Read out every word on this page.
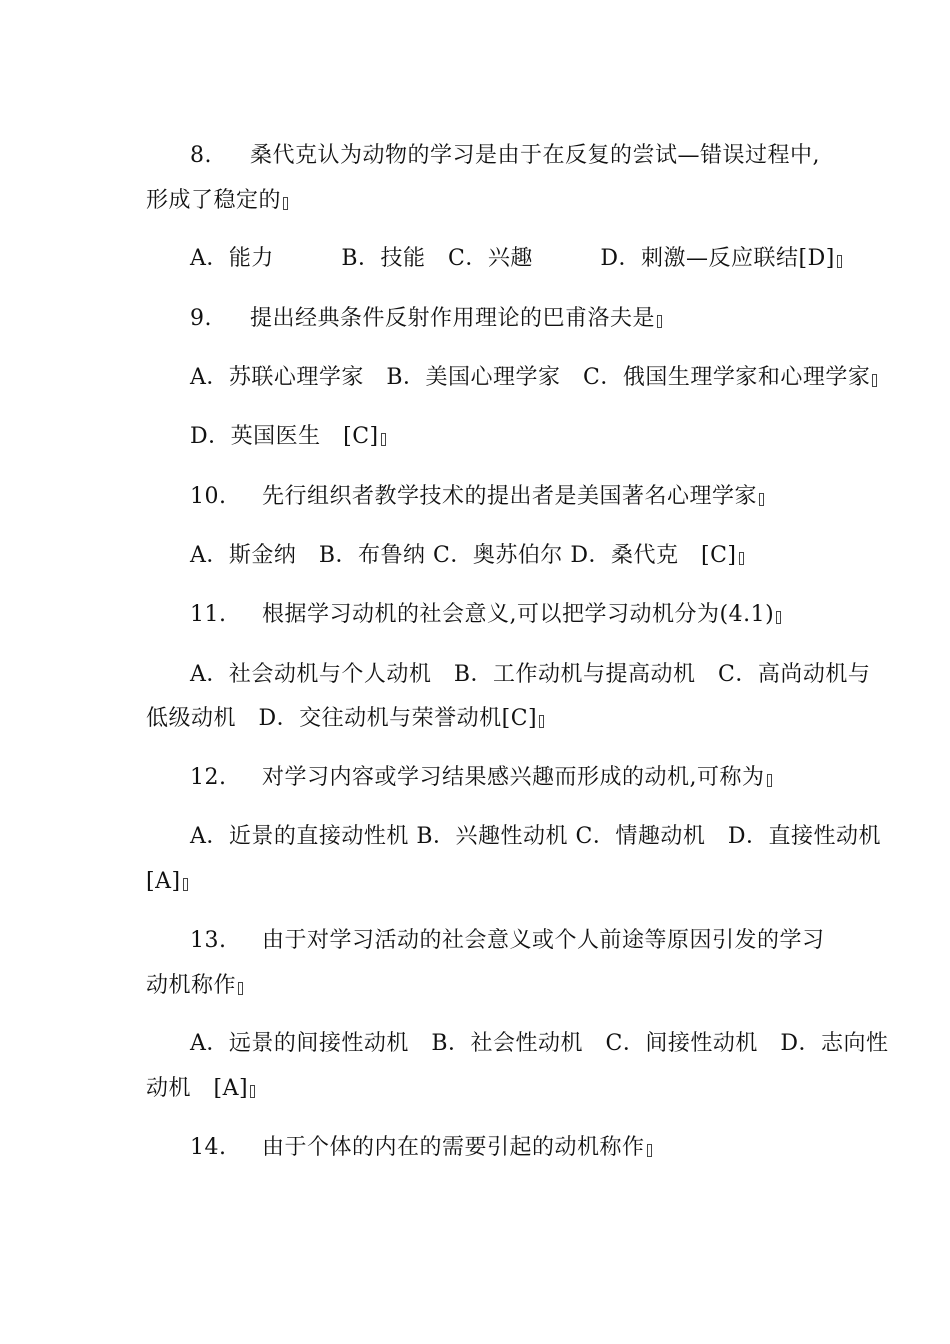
8. 桑代克认为动物的学习是由于在反复的尝试—错误过程中,

形成了稳定的

A．能力　　　B．技能　C．兴趣　　　D．刺激—反应联结[D]

9. 提出经典条件反射作用理论的巴甫洛夫是

A．苏联心理学家　B．美国心理学家　C．俄国生理学家和心理学家

D．英国医生　[C]

10. 先行组织者教学技术的提出者是美国著名心理学家

A．斯金纳　B．布鲁纳 C．奥苏伯尔 D．桑代克　[C]

11. 根据学习动机的社会意义,可以把学习动机分为(4.1)

A．社会动机与个人动机　B．工作动机与提高动机　C．高尚动机与

低级动机　D．交往动机与荣誉动机[C]

12. 对学习内容或学习结果感兴趣而形成的动机,可称为

A．近景的直接动性机 B．兴趣性动机 C．情趣动机　D．直接性动机

[A]

13. 由于对学习活动的社会意义或个人前途等原因引发的学习

动机称作

A．远景的间接性动机　B．社会性动机　C．间接性动机　D．志向性

动机　[A]

14. 由于个体的内在的需要引起的动机称作
